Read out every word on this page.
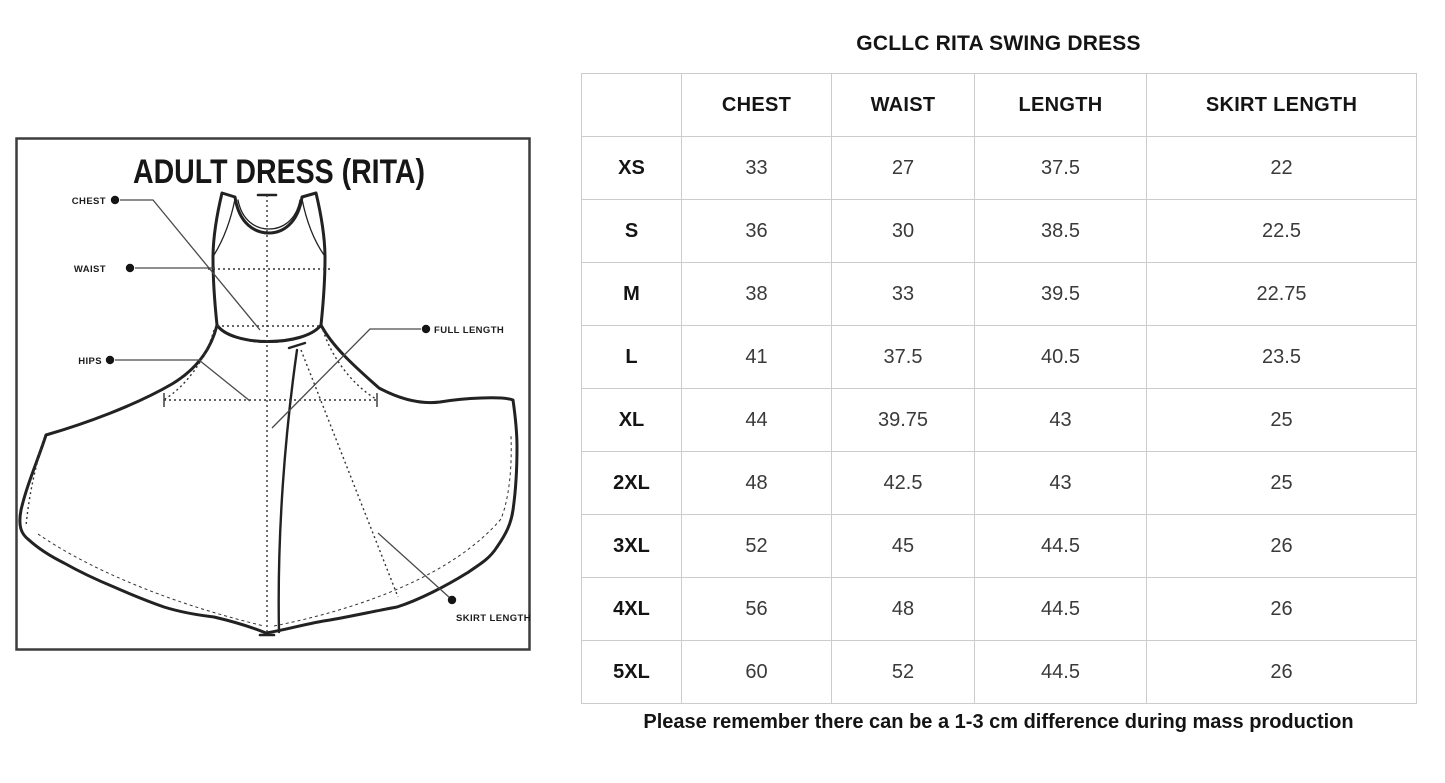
ADULT DRESS (RITA)
CHEST
WAIST
HIPS
FULL LENGTH
SKIRT LENGTH
GCLLC RITA SWING DRESS
	CHEST	WAIST	LENGTH	SKIRT LENGTH
XS	33	27	37.5	22
S	36	30	38.5	22.5
M	38	33	39.5	22.75
L	41	37.5	40.5	23.5
XL	44	39.75	43	25
2XL	48	42.5	43	25
3XL	52	45	44.5	26
4XL	56	48	44.5	26
5XL	60	52	44.5	26
Please remember there can be a 1-3 cm difference during mass production
